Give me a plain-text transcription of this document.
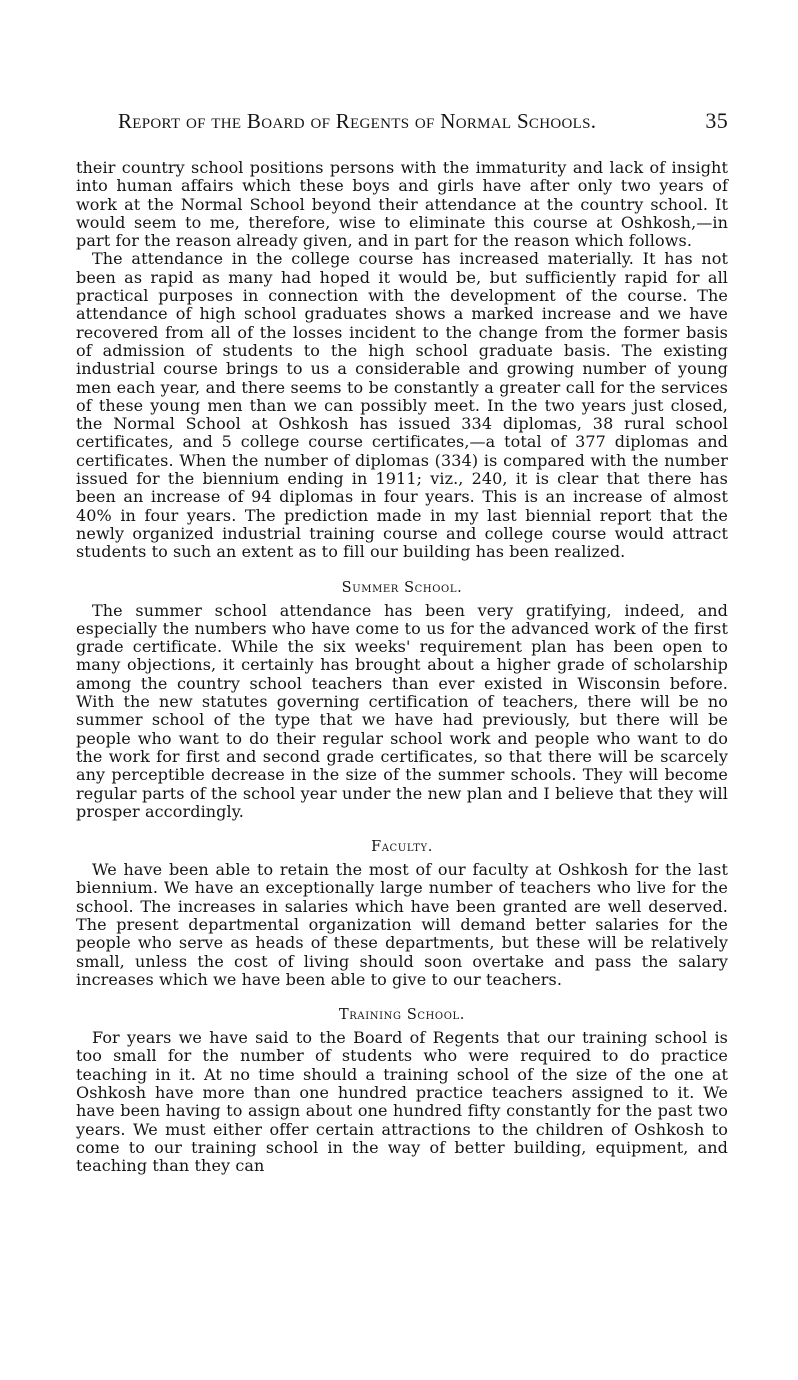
Report of the Board of Regents of Normal Schools.	35

their country school positions persons with the immaturity and lack of insight into human affairs which these boys and girls have after only two years of work at the Normal School beyond their attendance at the country school. It would seem to me, therefore, wise to eliminate this course at Oshkosh,—in part for the reason already given, and in part for the reason which follows.

The attendance in the college course has increased materially. It has not been as rapid as many had hoped it would be, but sufficiently rapid for all practical purposes in connection with the development of the course. The attendance of high school graduates shows a marked increase and we have recovered from all of the losses incident to the change from the former basis of admission of students to the high school graduate basis. The existing industrial course brings to us a considerable and growing number of young men each year, and there seems to be constantly a greater call for the services of these young men than we can possibly meet. In the two years just closed, the Normal School at Oshkosh has issued 334 diplomas, 38 rural school certificates, and 5 college course certificates,—a total of 377 diplomas and certificates. When the number of diplomas (334) is compared with the number issued for the biennium ending in 1911; viz., 240, it is clear that there has been an increase of 94 diplomas in four years. This is an increase of almost 40% in four years. The prediction made in my last biennial report that the newly organized industrial training course and college course would attract students to such an extent as to fill our building has been realized.

Summer School.

The summer school attendance has been very gratifying, indeed, and especially the numbers who have come to us for the advanced work of the first grade certificate. While the six weeks' requirement plan has been open to many objections, it certainly has brought about a higher grade of scholarship among the country school teachers than ever existed in Wisconsin before. With the new statutes governing certification of teachers, there will be no summer school of the type that we have had previously, but there will be people who want to do their regular school work and people who want to do the work for first and second grade certificates, so that there will be scarcely any perceptible decrease in the size of the summer schools. They will become regular parts of the school year under the new plan and I believe that they will prosper accordingly.

Faculty.

We have been able to retain the most of our faculty at Oshkosh for the last biennium. We have an exceptionally large number of teachers who live for the school. The increases in salaries which have been granted are well deserved. The present departmental organization will demand better salaries for the people who serve as heads of these departments, but these will be relatively small, unless the cost of living should soon overtake and pass the salary increases which we have been able to give to our teachers.

Training School.

For years we have said to the Board of Regents that our training school is too small for the number of students who were required to do practice teaching in it. At no time should a training school of the size of the one at Oshkosh have more than one hundred practice teachers assigned to it. We have been having to assign about one hundred fifty constantly for the past two years. We must either offer certain attractions to the children of Oshkosh to come to our training school in the way of better building, equipment, and teaching than they can
